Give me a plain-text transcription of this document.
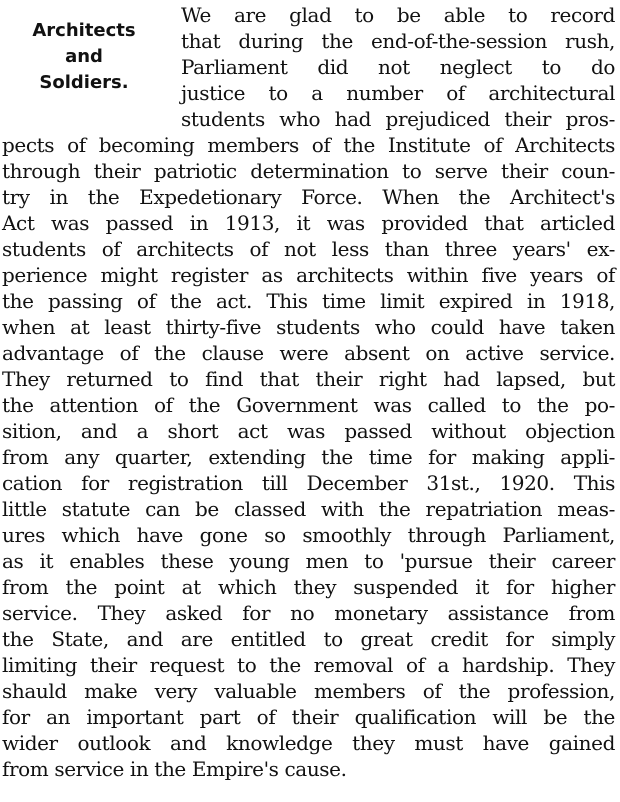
Architects
and
Soldiers.
We are glad to be able to record
that during the end-of-the-session rush,
Parliament did not neglect to do
justice to a number of architectural
students who had prejudiced their pros-
pects of becoming members of the Institute of Architects
through their patriotic determination to serve their coun-
try in the Expedetionary Force. When the Architect's
Act was passed in 1913, it was provided that articled
students of architects of not less than three years' ex-
perience might register as architects within five years of
the passing of the act. This time limit expired in 1918,
when at least thirty-five students who could have taken
advantage of the clause were absent on active service.
They returned to find that their right had lapsed, but
the attention of the Government was called to the po-
sition, and a short act was passed without objection
from any quarter, extending the time for making appli-
cation for registration till December 31st., 1920. This
little statute can be classed with the repatriation meas-
ures which have gone so smoothly through Parliament,
as it enables these young men to 'pursue their career
from the point at which they suspended it for higher
service. They asked for no monetary assistance from
the State, and are entitled to great credit for simply
limiting their request to the removal of a hardship. They
shauld make very valuable members of the profession,
for an important part of their qualification will be the
wider outlook and knowledge they must have gained
from service in the Empire's cause.
